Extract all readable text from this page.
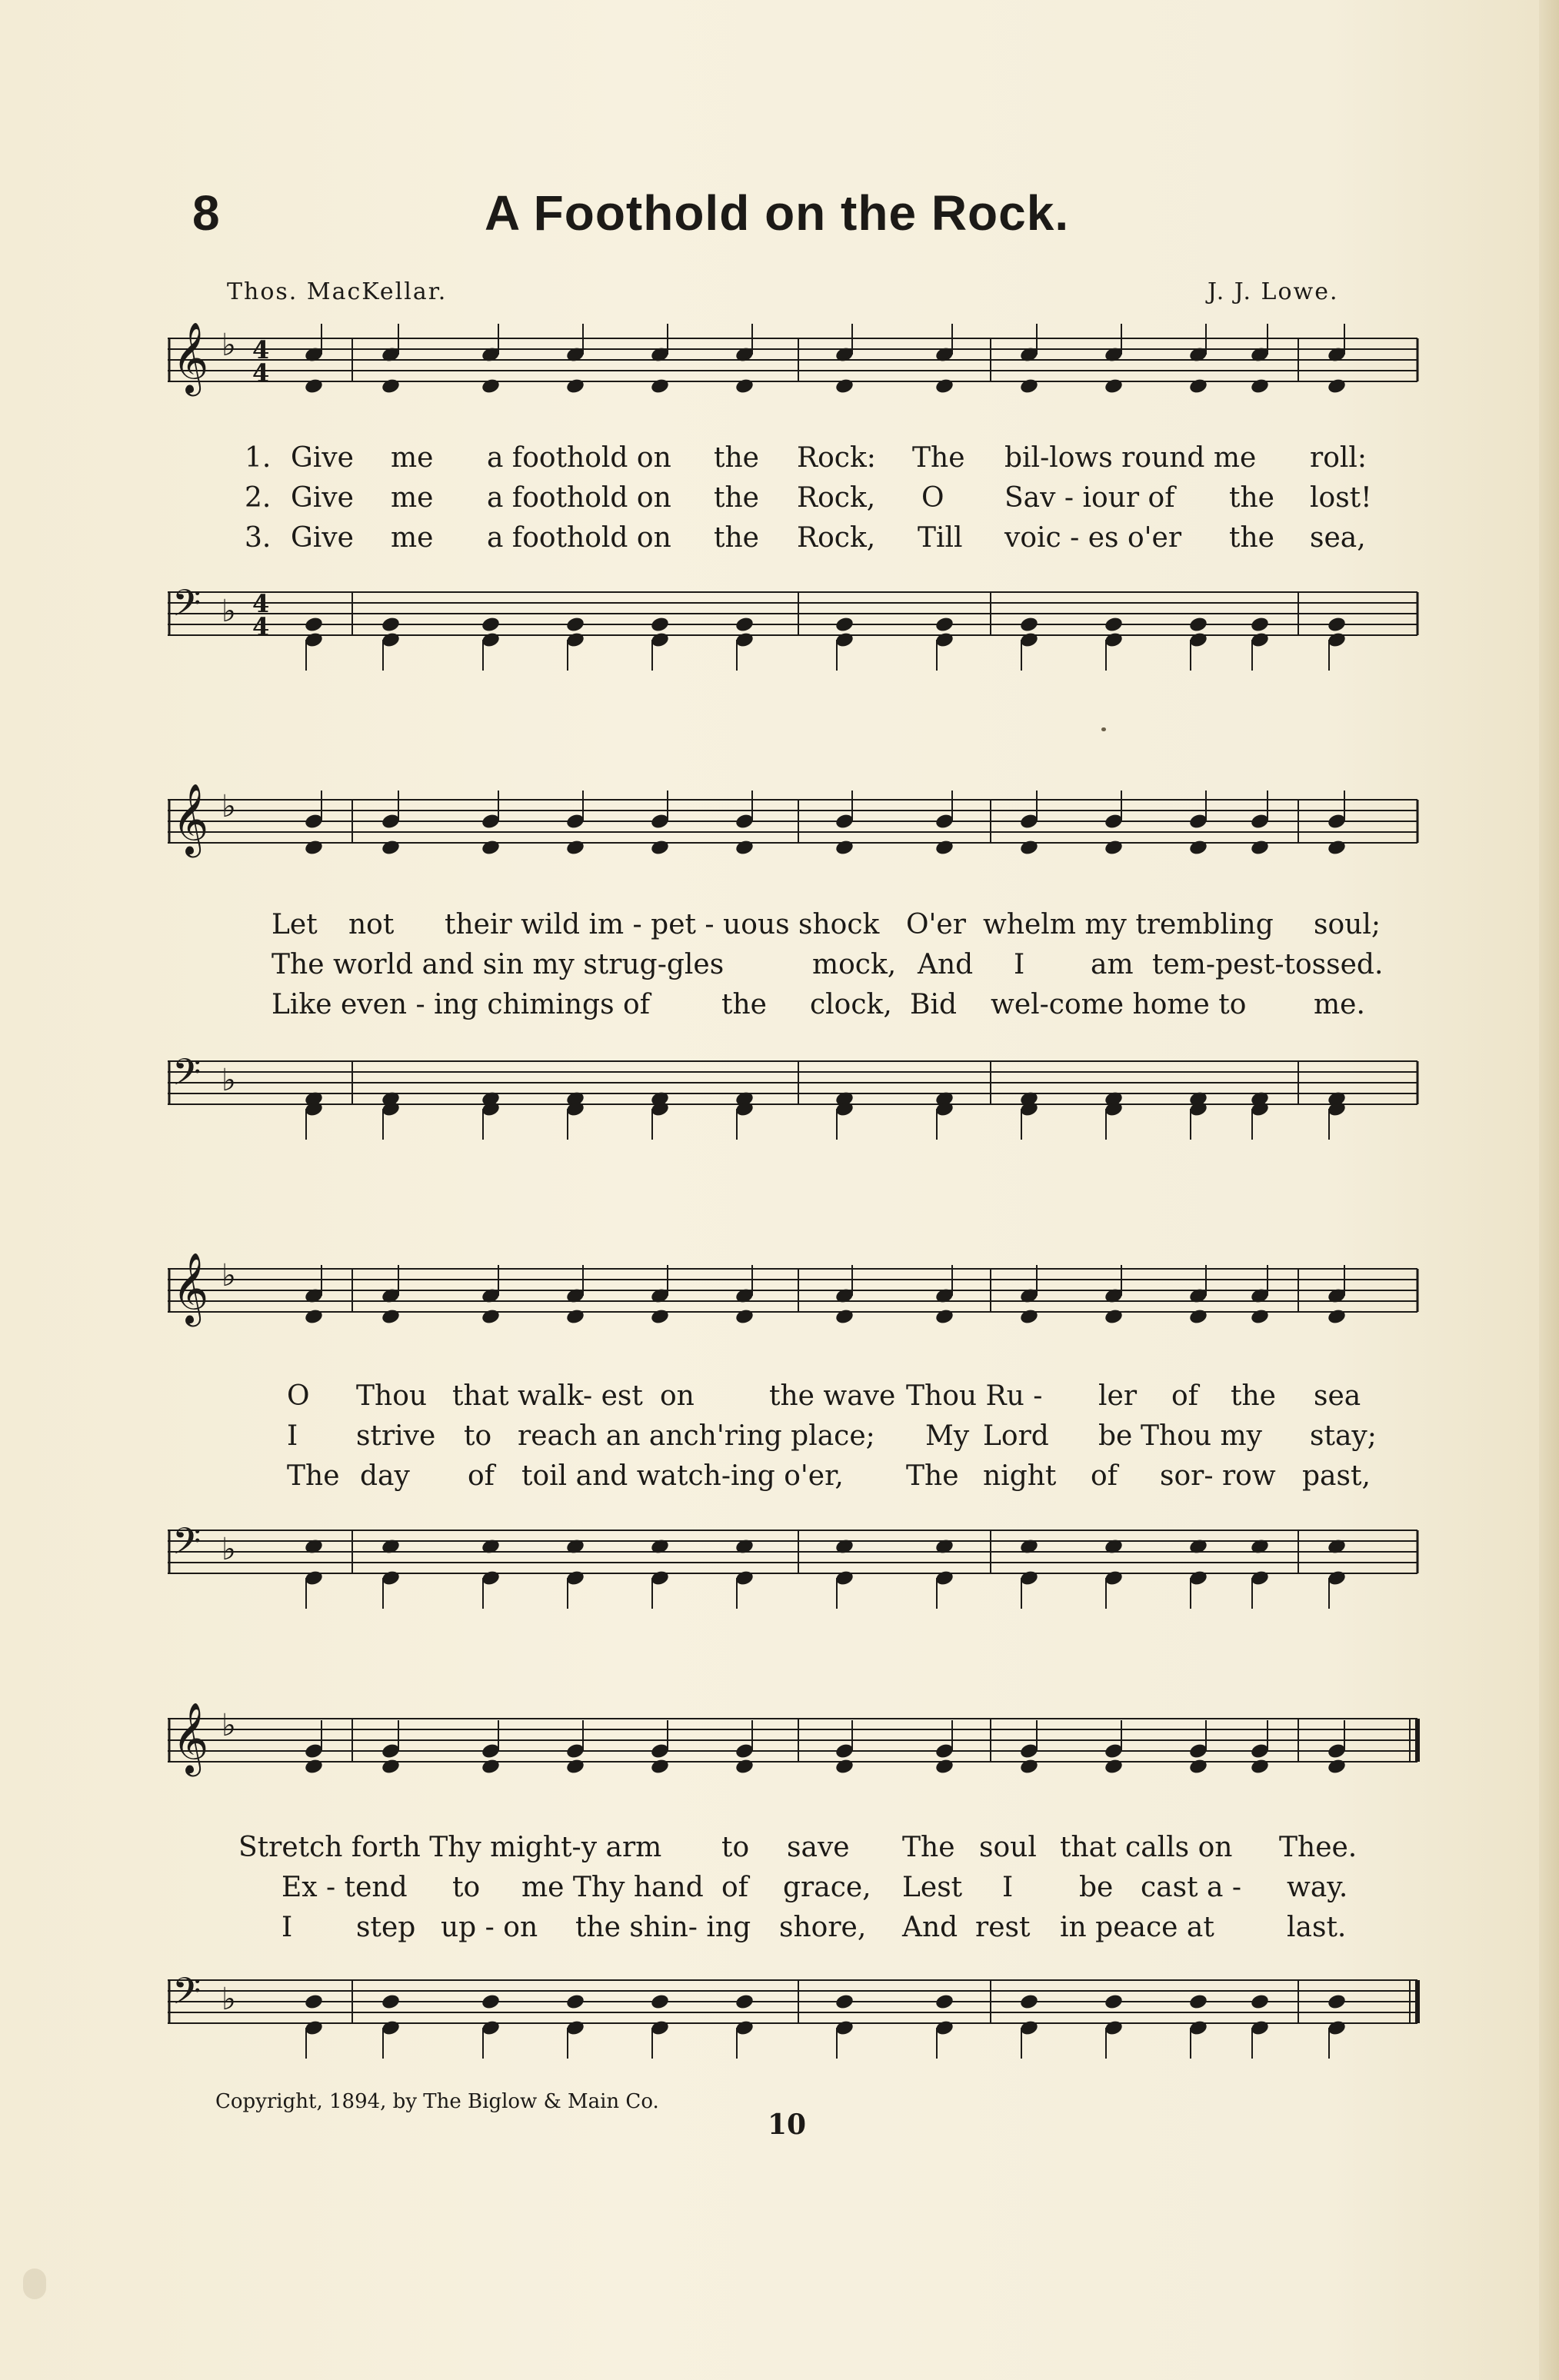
8	A Foothold on the Rock.
Thos. MacKellar.	J. J. Lowe.
𝄞 ♭ 4
4
1. Give me a foothold on the Rock: The bil-lows round me roll:
2. Give me a foothold on the Rock, O Sav - iour of the lost!
3. Give me a foothold on the Rock, Till voic - es o'er the sea,
𝄢 ♭ 4
4
𝄞 ♭
Let not their wild im - pet - uous shock O'er whelm my trembling soul;
The world and sin my strug-gles	mock, And I am tem-pest-tossed.
Like even - ing chimings of	the clock, Bid wel-come home to me.
𝄢 ♭
𝄞 ♭
O Thou that walk- est on	the wave Thou Ru - ler of the sea
I strive to reach an anch'ring place; My Lord be Thou my stay;
The day of toil and watch-ing o'er, The night of sor- row past,
𝄢 ♭
𝄞 ♭
Stretch forth Thy might-y arm to save The soul that calls on Thee.
Ex - tend to me Thy hand of grace, Lest I be cast a - way.
I step up - on the shin- ing shore, And rest in peace at	last.
𝄢 ♭
Copyright, 1894, by The Biglow & Main Co.
10
